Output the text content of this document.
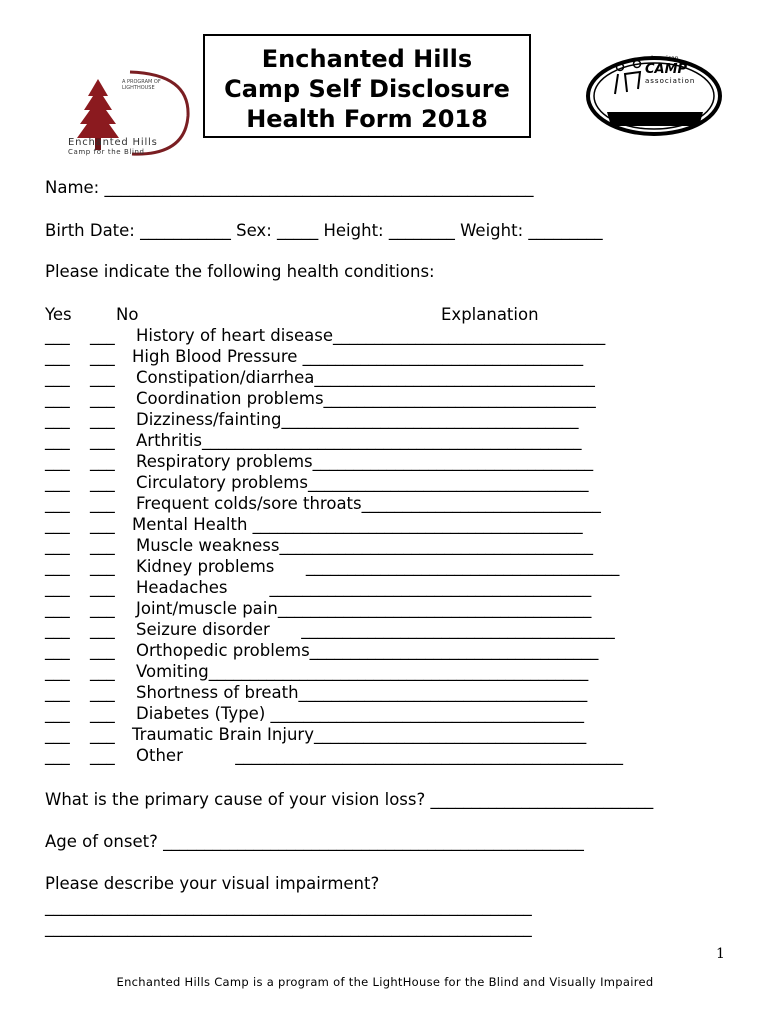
A PROGRAM OF LIGHTHOUSE

Enchanted Hills

Camp for the Blind

Enchanted Hills
Camp Self Disclosure
Health Form 2018

American

CAMP

association

ACCREDITED

Name: ____________________________________________________
Birth Date: ___________ Sex: _____ Height: ________ Weight: _________
Please indicate the following health conditions:
Yes	No	Explanation
___ ___ History of heart disease_________________________________
___ ___ High Blood Pressure __________________________________
___ ___ Constipation/diarrhea__________________________________
___ ___ Coordination problems_________________________________
___ ___ Dizziness/fainting____________________________________
___ ___ Arthritis______________________________________________
___ ___ Respiratory problems__________________________________
___ ___ Circulatory problems__________________________________
___ ___ Frequent colds/sore throats_____________________________
___ ___ Mental Health ________________________________________
___ ___ Muscle weakness______________________________________
___ ___ Kidney problems      ______________________________________
___ ___ Headaches        _______________________________________
___ ___ Joint/muscle pain______________________________________
___ ___ Seizure disorder      ______________________________________
___ ___ Orthopedic problems___________________________________
___ ___ Vomiting______________________________________________
___ ___ Shortness of breath___________________________________
___ ___ Diabetes (Type) ______________________________________
___ ___ Traumatic Brain Injury_________________________________
___ ___ Other          _______________________________________________
What is the primary cause of your vision loss? ___________________________
Age of onset? ___________________________________________________
Please describe your visual impairment?
___________________________________________________________
___________________________________________________________
1
Enchanted Hills Camp is a program of the LightHouse for the Blind and Visually Impaired
